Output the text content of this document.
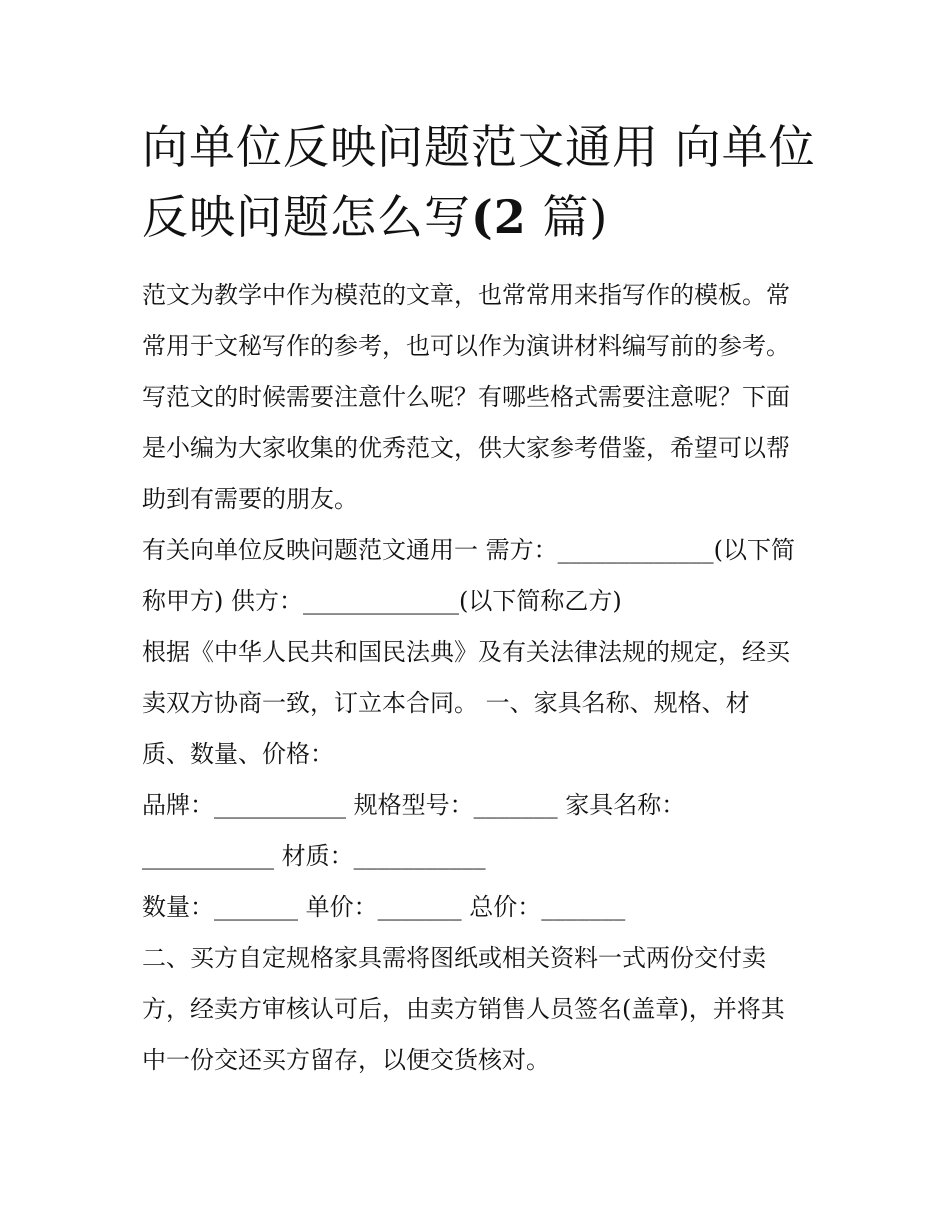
向单位反映问题范文通用 向单位反映问题怎么写(2 篇)
范文为教学中作为模范的文章，也常常用来指写作的模板。常
常用于文秘写作的参考，也可以作为演讲材料编写前的参考。
写范文的时候需要注意什么呢？有哪些格式需要注意呢？下面
是小编为大家收集的优秀范文，供大家参考借鉴，希望可以帮
助到有需要的朋友。
有关向单位反映问题范文通用一 需方：_____________(以下简
称甲方) 供方：_____________(以下简称乙方)
根据《中华人民共和国民法典》及有关法律法规的规定，经买
卖双方协商一致，订立本合同。 一、家具名称、规格、材
质、数量、价格：
品牌：___________ 规格型号：_______ 家具名称：
___________ 材质：___________
数量：_______ 单价：_______ 总价：_______
二、买方自定规格家具需将图纸或相关资料一式两份交付卖
方，经卖方审核认可后，由卖方销售人员签名(盖章)，并将其
中一份交还买方留存，以便交货核对。
